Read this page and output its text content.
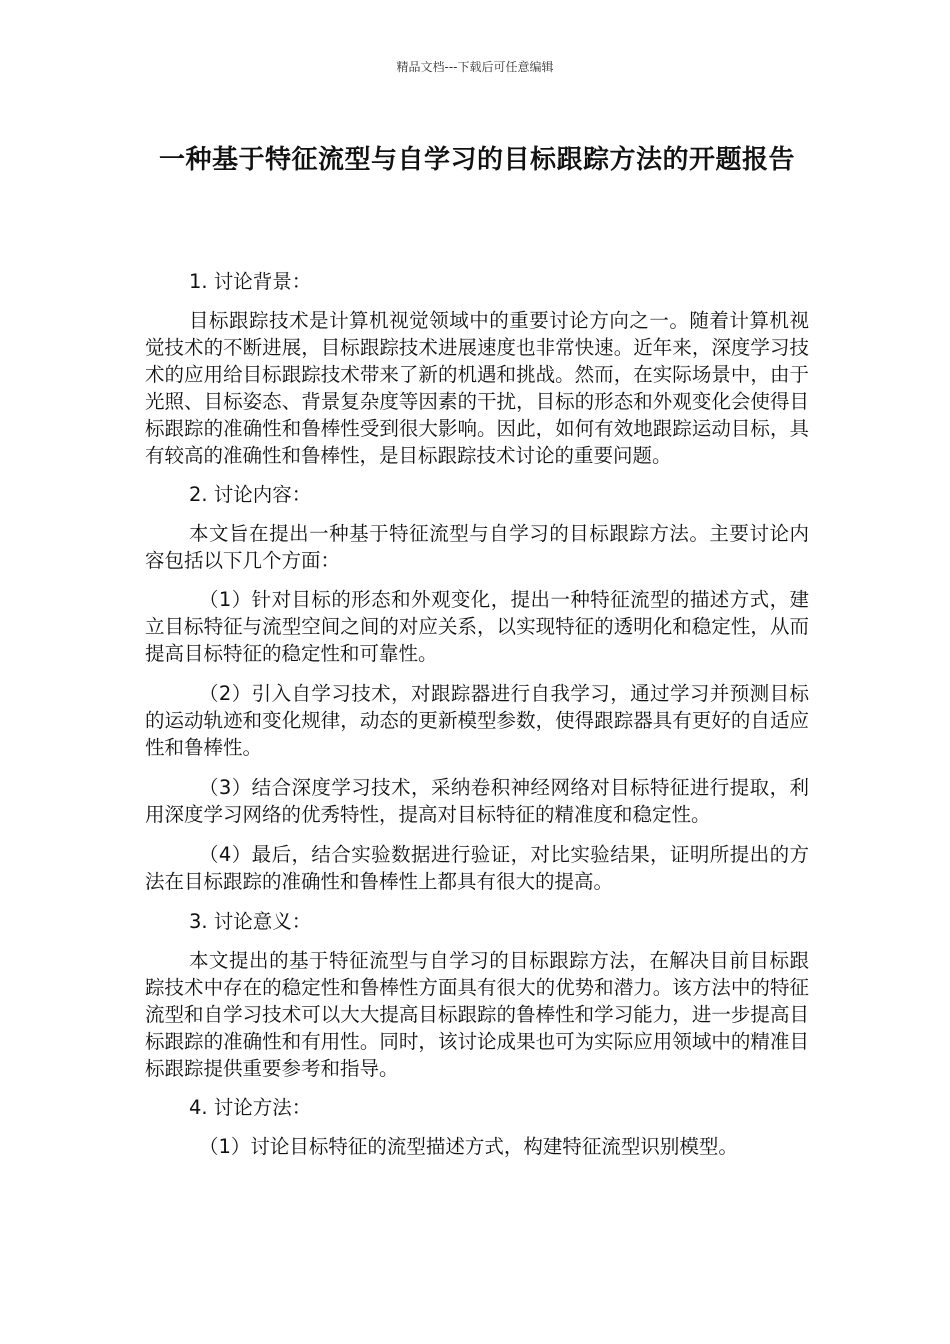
精品文档---下载后可任意编辑
一种基于特征流型与自学习的目标跟踪方法的开题报告
1. 讨论背景：
目标跟踪技术是计算机视觉领域中的重要讨论方向之一。随着计算机视觉技术的不断进展，目标跟踪技术进展速度也非常快速。近年来，深度学习技术的应用给目标跟踪技术带来了新的机遇和挑战。然而，在实际场景中，由于光照、目标姿态、背景复杂度等因素的干扰，目标的形态和外观变化会使得目标跟踪的准确性和鲁棒性受到很大影响。因此，如何有效地跟踪运动目标，具有较高的准确性和鲁棒性，是目标跟踪技术讨论的重要问题。
2. 讨论内容：
本文旨在提出一种基于特征流型与自学习的目标跟踪方法。主要讨论内容包括以下几个方面：
（1）针对目标的形态和外观变化，提出一种特征流型的描述方式，建立目标特征与流型空间之间的对应关系，以实现特征的透明化和稳定性，从而提高目标特征的稳定性和可靠性。
（2）引入自学习技术，对跟踪器进行自我学习，通过学习并预测目标的运动轨迹和变化规律，动态的更新模型参数，使得跟踪器具有更好的自适应性和鲁棒性。
（3）结合深度学习技术，采纳卷积神经网络对目标特征进行提取，利用深度学习网络的优秀特性，提高对目标特征的精准度和稳定性。
（4）最后，结合实验数据进行验证，对比实验结果，证明所提出的方法在目标跟踪的准确性和鲁棒性上都具有很大的提高。
3. 讨论意义：
本文提出的基于特征流型与自学习的目标跟踪方法，在解决目前目标跟踪技术中存在的稳定性和鲁棒性方面具有很大的优势和潜力。该方法中的特征流型和自学习技术可以大大提高目标跟踪的鲁棒性和学习能力，进一步提高目标跟踪的准确性和有用性。同时，该讨论成果也可为实际应用领域中的精准目标跟踪提供重要参考和指导。
4. 讨论方法：
（1）讨论目标特征的流型描述方式，构建特征流型识别模型。
